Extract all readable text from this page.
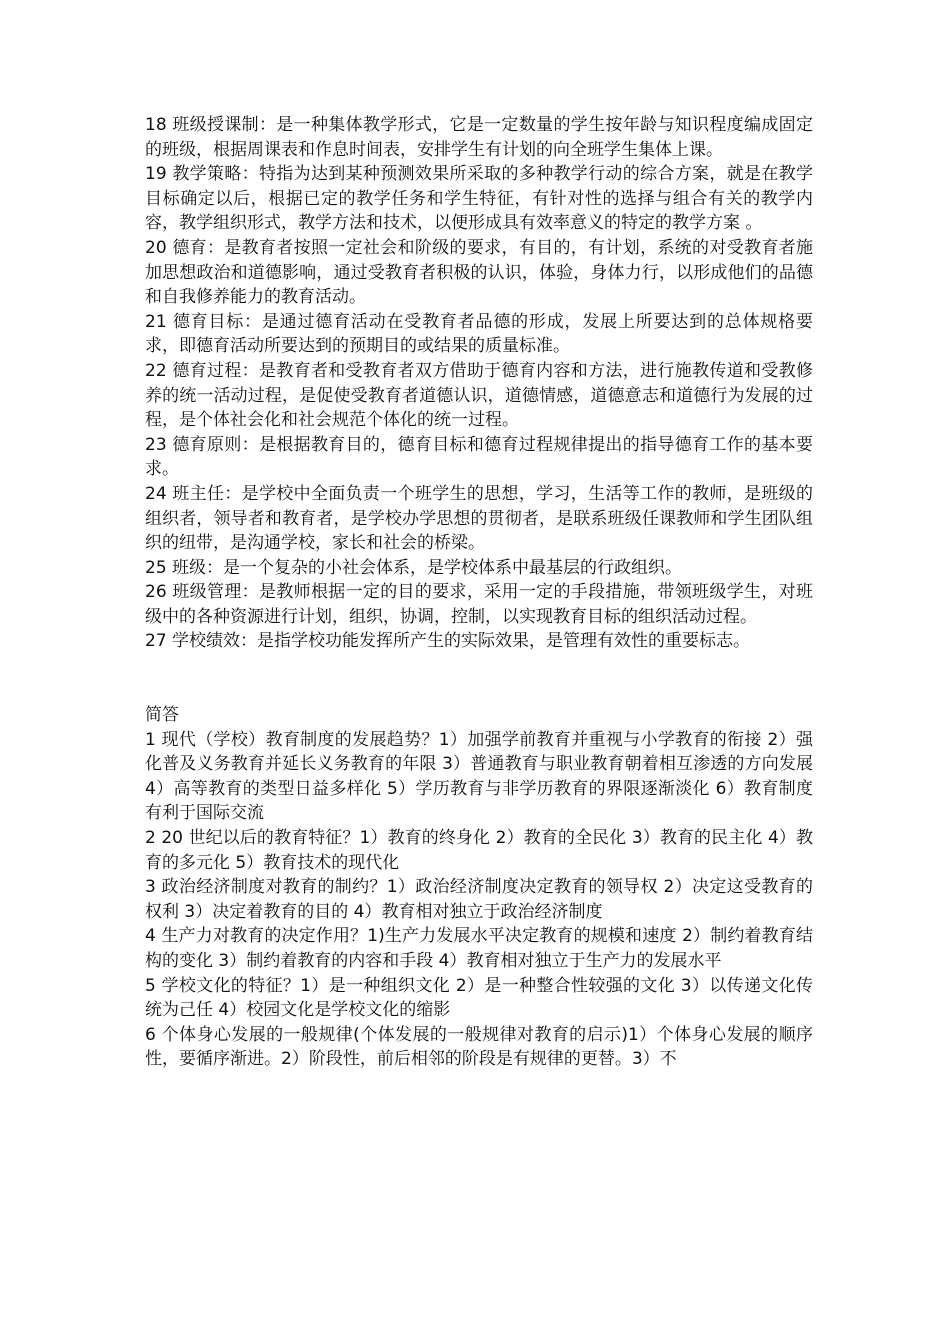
18 班级授课制：是一种集体教学形式，它是一定数量的学生按年龄与知识程度编成固定的班级，根据周课表和作息时间表，安排学生有计划的向全班学生集体上课。

19 教学策略：特指为达到某种预测效果所采取的多种教学行动的综合方案，就是在教学目标确定以后，根据已定的教学任务和学生特征，有针对性的选择与组合有关的教学内容，教学组织形式，教学方法和技术，以便形成具有效率意义的特定的教学方案 。

20 德育：是教育者按照一定社会和阶级的要求，有目的，有计划，系统的对受教育者施加思想政治和道德影响，通过受教育者积极的认识，体验，身体力行，以形成他们的品德和自我修养能力的教育活动。

21 德育目标：是通过德育活动在受教育者品德的形成，发展上所要达到的总体规格要求，即德育活动所要达到的预期目的或结果的质量标准。

22 德育过程：是教育者和受教育者双方借助于德育内容和方法，进行施教传道和受教修养的统一活动过程，是促使受教育者道德认识，道德情感，道德意志和道德行为发展的过程，是个体社会化和社会规范个体化的统一过程。

23 德育原则：是根据教育目的，德育目标和德育过程规律提出的指导德育工作的基本要求。

24 班主任：是学校中全面负责一个班学生的思想，学习，生活等工作的教师，是班级的组织者，领导者和教育者，是学校办学思想的贯彻者，是联系班级任课教师和学生团队组织的纽带，是沟通学校，家长和社会的桥梁。

25 班级：是一个复杂的小社会体系，是学校体系中最基层的行政组织。

26 班级管理：是教师根据一定的目的要求，采用一定的手段措施，带领班级学生，对班级中的各种资源进行计划，组织，协调，控制，以实现教育目标的组织活动过程。

27 学校绩效：是指学校功能发挥所产生的实际效果，是管理有效性的重要标志。

简答

1 现代（学校）教育制度的发展趋势？1）加强学前教育并重视与小学教育的衔接 2）强化普及义务教育并延长义务教育的年限 3）普通教育与职业教育朝着相互渗透的方向发展 4）高等教育的类型日益多样化 5）学历教育与非学历教育的界限逐渐淡化 6）教育制度有利于国际交流

2 20 世纪以后的教育特征？1）教育的终身化 2）教育的全民化 3）教育的民主化 4）教育的多元化 5）教育技术的现代化

3 政治经济制度对教育的制约？1）政治经济制度决定教育的领导权 2）决定这受教育的权利 3）决定着教育的目的 4）教育相对独立于政治经济制度

4 生产力对教育的决定作用？1)生产力发展水平决定教育的规模和速度 2）制约着教育结构的变化 3）制约着教育的内容和手段 4）教育相对独立于生产力的发展水平

5 学校文化的特征？1）是一种组织文化 2）是一种整合性较强的文化 3）以传递文化传统为己任 4）校园文化是学校文化的缩影

6 个体身心发展的一般规律(个体发展的一般规律对教育的启示)1）个体身心发展的顺序性，要循序渐进。2）阶段性，前后相邻的阶段是有规律的更替。3）不
